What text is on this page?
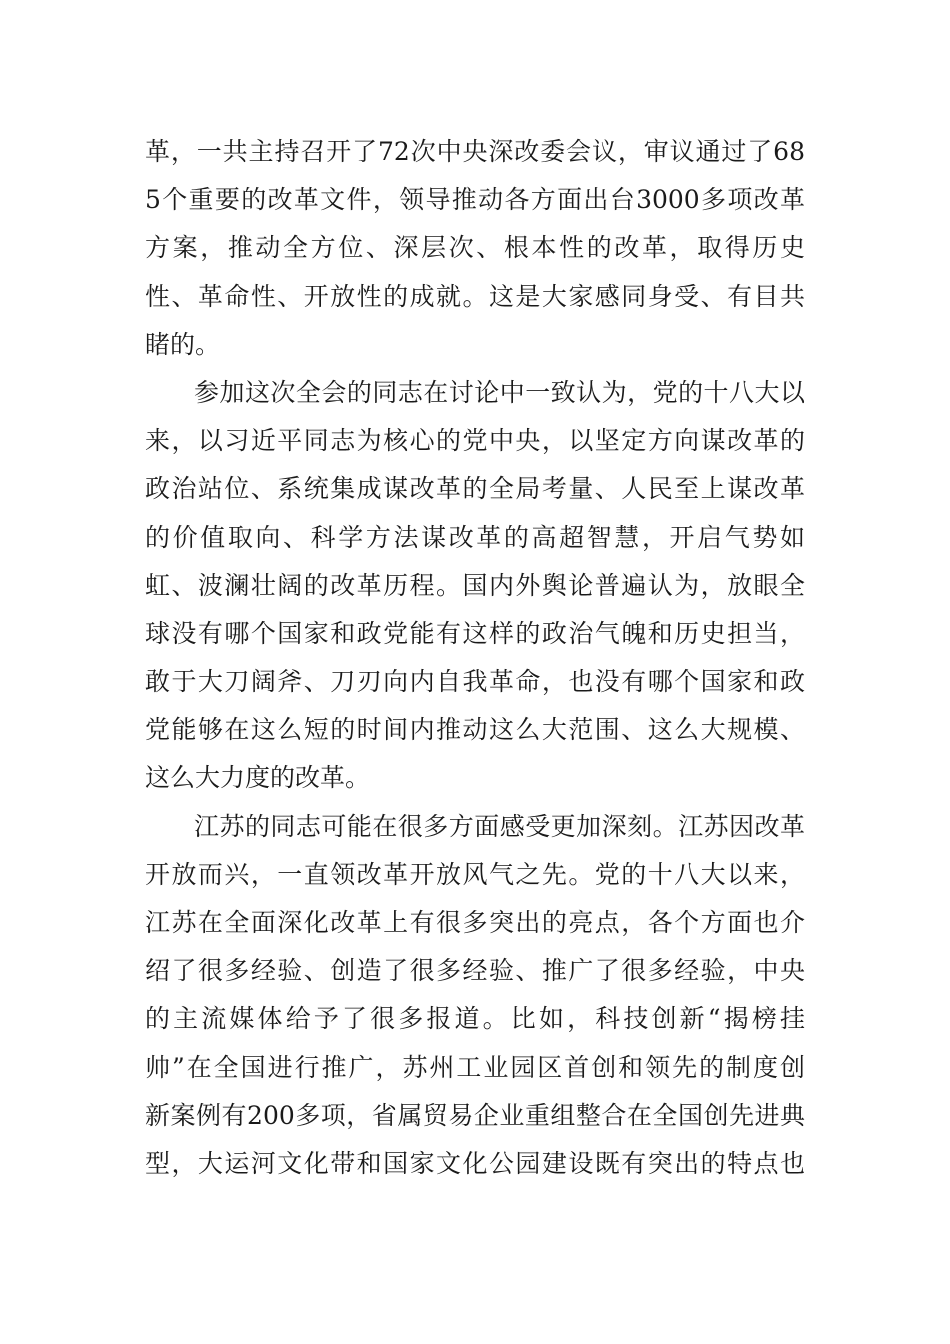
革，一共主持召开了72次中央深改委会议，审议通过了68
5个重要的改革文件，领导推动各方面出台3000多项改革
方案，推动全方位、深层次、根本性的改革，取得历史
性、革命性、开放性的成就。这是大家感同身受、有目共
睹的。
参加这次全会的同志在讨论中一致认为，党的十八大以
来，以习近平同志为核心的党中央，以坚定方向谋改革的
政治站位、系统集成谋改革的全局考量、人民至上谋改革
的价值取向、科学方法谋改革的高超智慧，开启气势如
虹、波澜壮阔的改革历程。国内外舆论普遍认为，放眼全
球没有哪个国家和政党能有这样的政治气魄和历史担当，
敢于大刀阔斧、刀刃向内自我革命，也没有哪个国家和政
党能够在这么短的时间内推动这么大范围、这么大规模、
这么大力度的改革。
江苏的同志可能在很多方面感受更加深刻。江苏因改革
开放而兴，一直领改革开放风气之先。党的十八大以来，
江苏在全面深化改革上有很多突出的亮点，各个方面也介
绍了很多经验、创造了很多经验、推广了很多经验，中央
的主流媒体给予了很多报道。比如，科技创新“揭榜挂
帅”在全国进行推广，苏州工业园区首创和领先的制度创
新案例有200多项，省属贸易企业重组整合在全国创先进典
型，大运河文化带和国家文化公园建设既有突出的特点也
